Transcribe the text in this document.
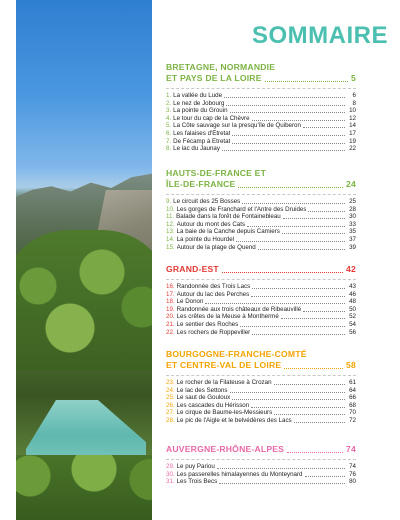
SOMMAIRE
BRETAGNE, NORMANDIE
ET PAYS DE LA LOIRE	5
1. La vallée du Lude	6
2. Le nez de Jobourg	8
3. La pointe du Grouin	10
4. Le tour du cap de la Chèvre	12
5. La Côte sauvage sur la presqu'île de Quiberon	14
6. Les falaises d'Étretat	17
7. De Fécamp à Étretat	19
8. Le lac du Jaunay	22
HAUTS-DE-FRANCE ET
ÎLE-DE-FRANCE	24
9. Le circuit des 25 Bosses	25
10. Les gorges de Franchard et l'Antre des Druides	28
11. Balade dans la forêt de Fontainebleau	30
12. Autour du mont des Cats	33
13. La baie de la Canche depuis Camiers	35
14. La pointe du Hourdel	37
15. Autour de la plage de Quend	39
GRAND-EST	42
16. Randonnée des Trois Lacs	43
17. Autour du lac des Perches	46
18. Le Donon	48
19. Randonnée aux trois châteaux de Ribeauvillé	50
20. Les crêtes de la Meuse à Monthermé	52
21. Le sentier des Roches	54
22. Les rochers de Roppeviller	56
BOURGOGNE-FRANCHE-COMTÉ
ET CENTRE-VAL DE LOIRE	58
23. Le rocher de la Filateuse à Crozan	61
24. Le lac des Settons	64
25. Le saut de Gouloux	66
26. Les cascades du Hérisson	68
27. Le cirque de Baume-les-Messieurs	70
28. Le pic de l'Aigle et le belvédères des Lacs	72
AUVERGNE-RHÔNE-ALPES	74
29. Le puy Pariou	74
30. Les passerelles himalayennes du Monteynard	76
31. Les Trois Becs	80
